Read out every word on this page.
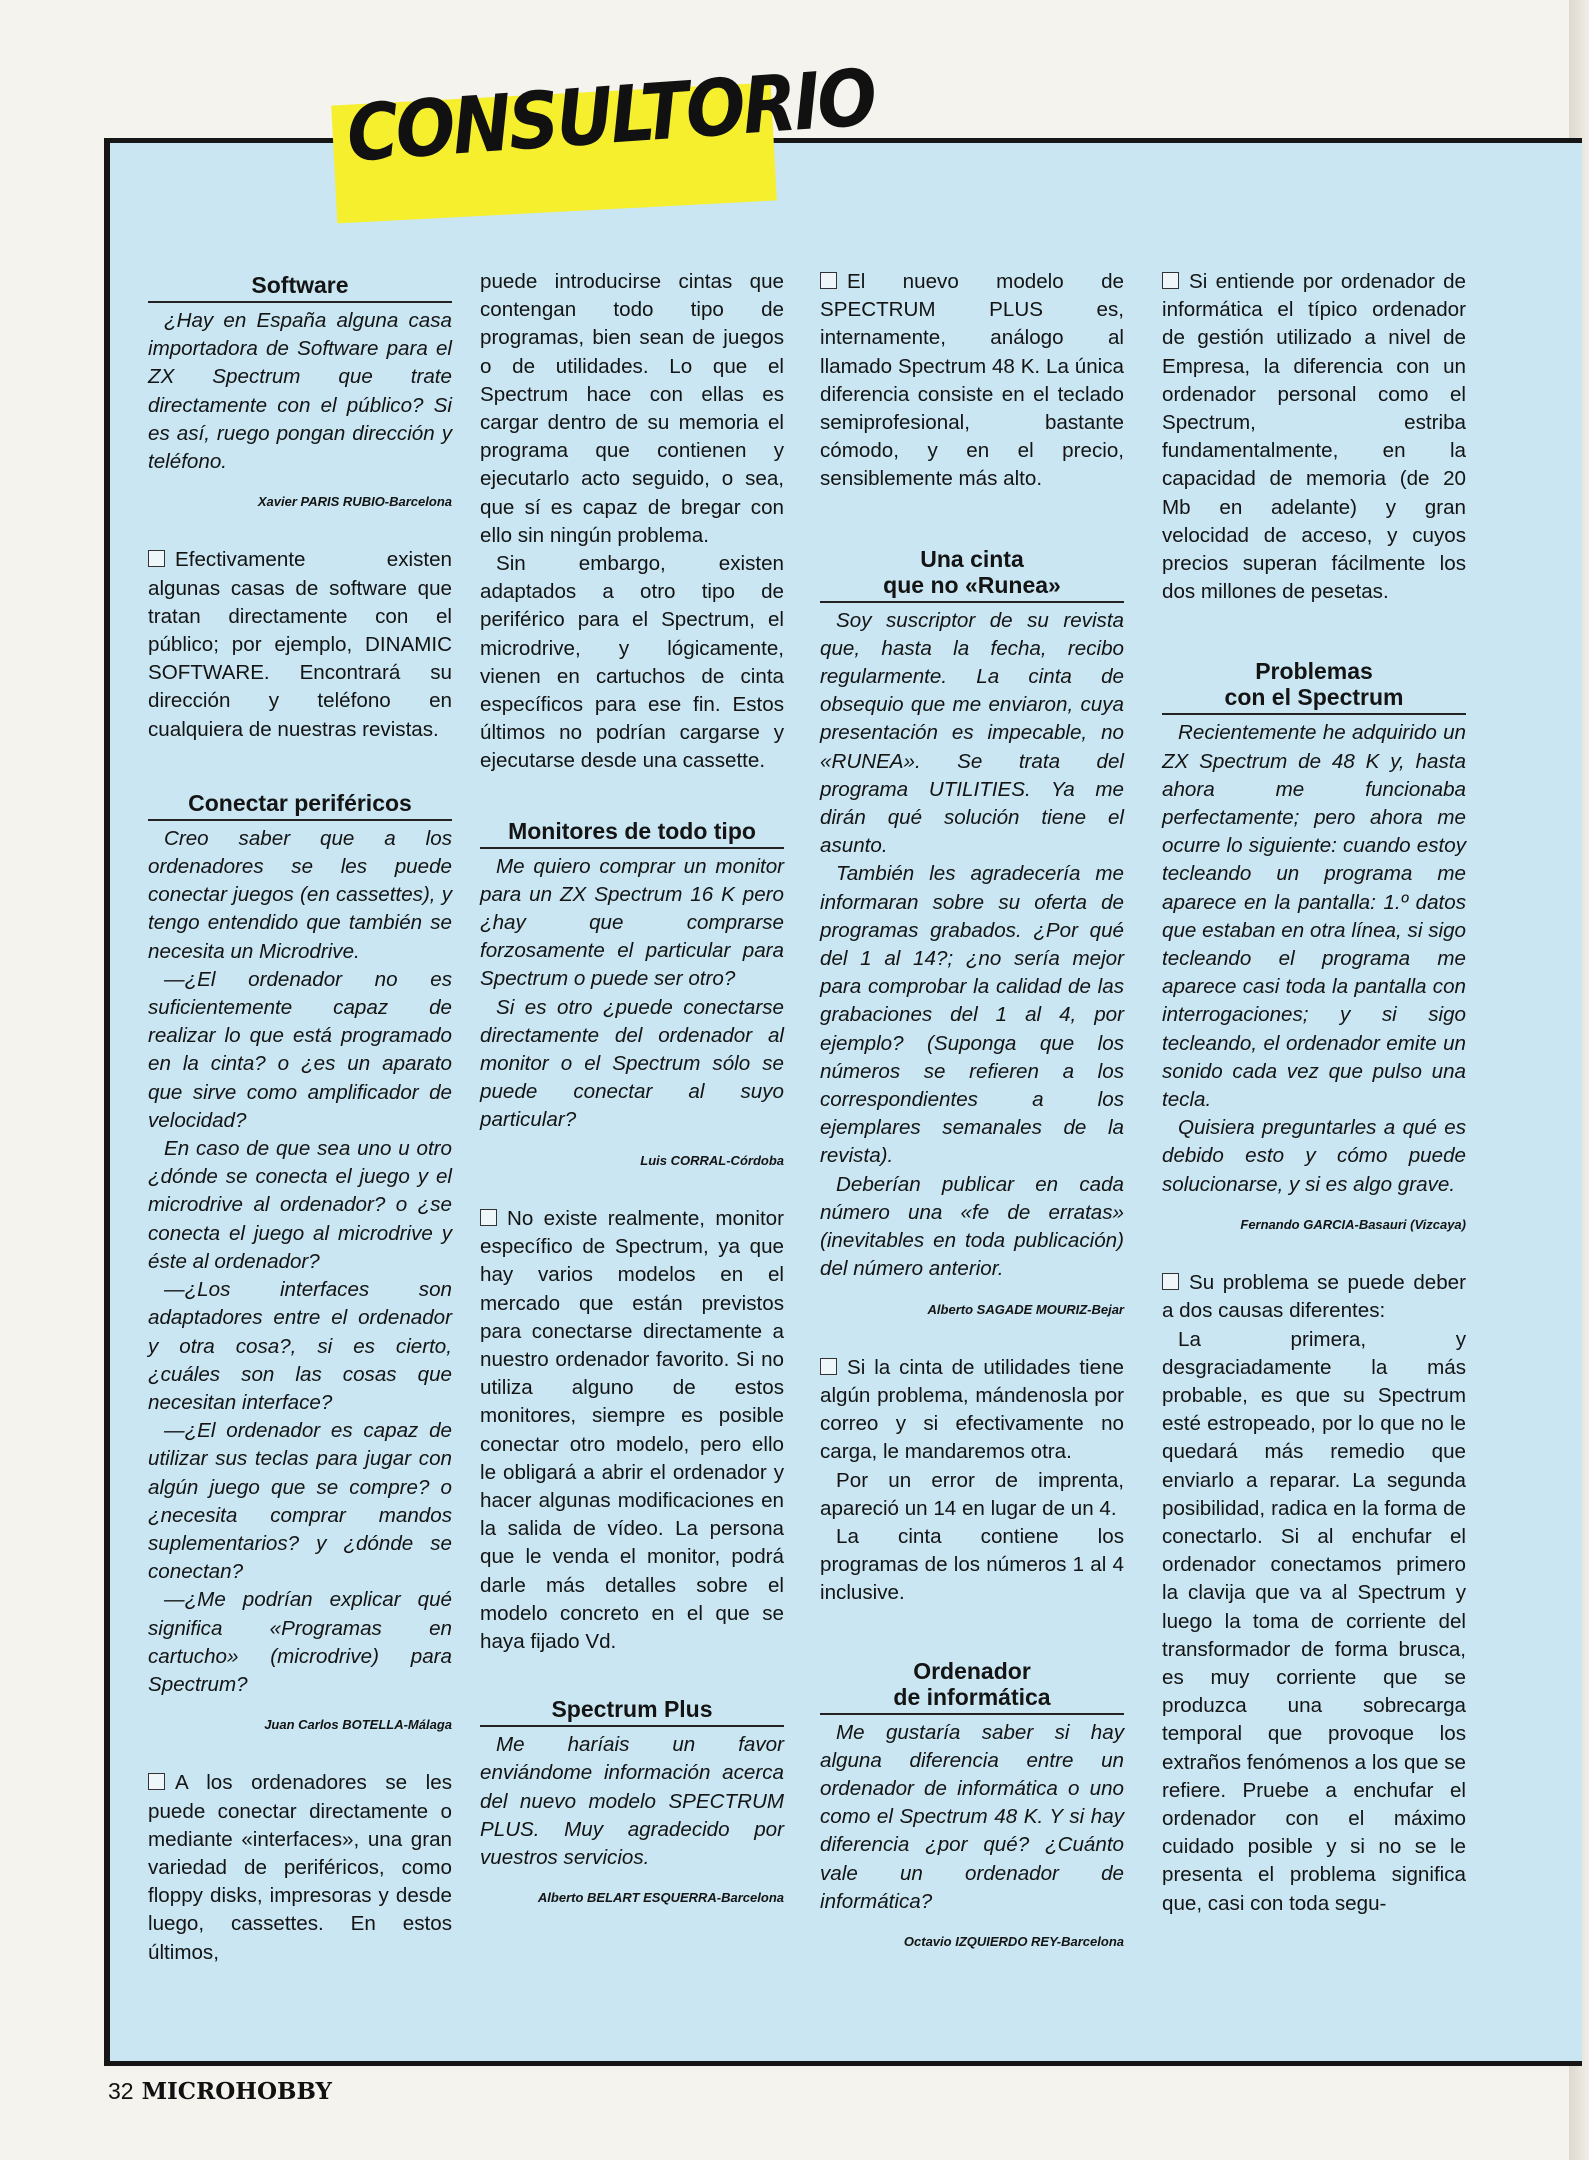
CONSULTORIO
Software

¿Hay en España alguna casa importadora de Software para el ZX Spectrum que trate directamente con el público? Si es así, ruego pongan dirección y teléfono.

Xavier PARIS RUBIO-Barcelona

Efectivamente existen algunas casas de software que tratan directamente con el público; por ejemplo, DINAMIC SOFTWARE. Encontrará su dirección y teléfono en cualquiera de nuestras revistas.

Conectar periféricos

Creo saber que a los ordenadores se les puede conectar juegos (en cassettes), y tengo entendido que también se necesita un Microdrive.

—¿El ordenador no es suficientemente capaz de realizar lo que está programado en la cinta? o ¿es un aparato que sirve como amplificador de velocidad?

En caso de que sea uno u otro ¿dónde se conecta el juego y el microdrive al ordenador? o ¿se conecta el juego al microdrive y éste al ordenador?

—¿Los interfaces son adaptadores entre el ordenador y otra cosa?, si es cierto, ¿cuáles son las cosas que necesitan interface?

—¿El ordenador es capaz de utilizar sus teclas para jugar con algún juego que se compre? o ¿necesita comprar mandos suplementarios? y ¿dónde se conectan?

—¿Me podrían explicar qué significa «Programas en cartucho» (microdrive) para Spectrum?

Juan Carlos BOTELLA-Málaga

A los ordenadores se les puede conectar directamente o mediante «interfaces», una gran variedad de periféricos, como floppy disks, impresoras y desde luego, cassettes. En estos últimos,

puede introducirse cintas que contengan todo tipo de programas, bien sean de juegos o de utilidades. Lo que el Spectrum hace con ellas es cargar dentro de su memoria el programa que contienen y ejecutarlo acto seguido, o sea, que sí es capaz de bregar con ello sin ningún problema.

Sin embargo, existen adaptados a otro tipo de periférico para el Spectrum, el microdrive, y lógicamente, vienen en cartuchos de cinta específicos para ese fin. Estos últimos no podrían cargarse y ejecutarse desde una cassette.

Monitores de todo tipo

Me quiero comprar un monitor para un ZX Spectrum 16 K pero ¿hay que comprarse forzosamente el particular para Spectrum o puede ser otro?

Si es otro ¿puede conectarse directamente del ordenador al monitor o el Spectrum sólo se puede conectar al suyo particular?

Luis CORRAL-Córdoba

No existe realmente, monitor específico de Spectrum, ya que hay varios modelos en el mercado que están previstos para conectarse directamente a nuestro ordenador favorito. Si no utiliza alguno de estos monitores, siempre es posible conectar otro modelo, pero ello le obligará a abrir el ordenador y hacer algunas modificaciones en la salida de vídeo. La persona que le venda el monitor, podrá darle más detalles sobre el modelo concreto en el que se haya fijado Vd.

Spectrum Plus

Me haríais un favor enviándome información acerca del nuevo modelo SPECTRUM PLUS. Muy agradecido por vuestros servicios.

Alberto BELART ESQUERRA-Barcelona

El nuevo modelo de SPECTRUM PLUS es, internamente, análogo al llamado Spectrum 48 K. La única diferencia consiste en el teclado semiprofesional, bastante cómodo, y en el precio, sensiblemente más alto.

Una cinta
que no «Runea»

Soy suscriptor de su revista que, hasta la fecha, recibo regularmente. La cinta de obsequio que me enviaron, cuya presentación es impecable, no «RUNEA». Se trata del programa UTILITIES. Ya me dirán qué solución tiene el asunto.

También les agradecería me informaran sobre su oferta de programas grabados. ¿Por qué del 1 al 14?; ¿no sería mejor para comprobar la calidad de las grabaciones del 1 al 4, por ejemplo? (Suponga que los números se refieren a los correspondientes a los ejemplares semanales de la revista).

Deberían publicar en cada número una «fe de erratas» (inevitables en toda publicación) del número anterior.

Alberto SAGADE MOURIZ-Bejar

Si la cinta de utilidades tiene algún problema, mándenosla por correo y si efectivamente no carga, le mandaremos otra.

Por un error de imprenta, apareció un 14 en lugar de un 4.

La cinta contiene los programas de los números 1 al 4 inclusive.

Ordenador
de informática

Me gustaría saber si hay alguna diferencia entre un ordenador de informática o uno como el Spectrum 48 K. Y si hay diferencia ¿por qué? ¿Cuánto vale un ordenador de informática?

Octavio IZQUIERDO REY-Barcelona

Si entiende por ordenador de informática el típico ordenador de gestión utilizado a nivel de Empresa, la diferencia con un ordenador personal como el Spectrum, estriba fundamentalmente, en la capacidad de memoria (de 20 Mb en adelante) y gran velocidad de acceso, y cuyos precios superan fácilmente los dos millones de pesetas.

Problemas
con el Spectrum

Recientemente he adquirido un ZX Spectrum de 48 K y, hasta ahora me funcionaba perfectamente; pero ahora me ocurre lo siguiente: cuando estoy tecleando un programa me aparece en la pantalla: 1.º datos que estaban en otra línea, si sigo tecleando el programa me aparece casi toda la pantalla con interrogaciones; y si sigo tecleando, el ordenador emite un sonido cada vez que pulso una tecla.

Quisiera preguntarles a qué es debido esto y cómo puede solucionarse, y si es algo grave.

Fernando GARCIA-Basauri (Vizcaya)

Su problema se puede deber a dos causas diferentes:

La primera, y desgraciadamente la más probable, es que su Spectrum esté estropeado, por lo que no le quedará más remedio que enviarlo a reparar. La segunda posibilidad, radica en la forma de conectarlo. Si al enchufar el ordenador conectamos primero la clavija que va al Spectrum y luego la toma de corriente del transformador de forma brusca, es muy corriente que se produzca una sobrecarga temporal que provoque los extraños fenómenos a los que se refiere. Pruebe a enchufar el ordenador con el máximo cuidado posible y si no se le presenta el problema significa que, casi con toda segu-

32 MICROHOBBY
